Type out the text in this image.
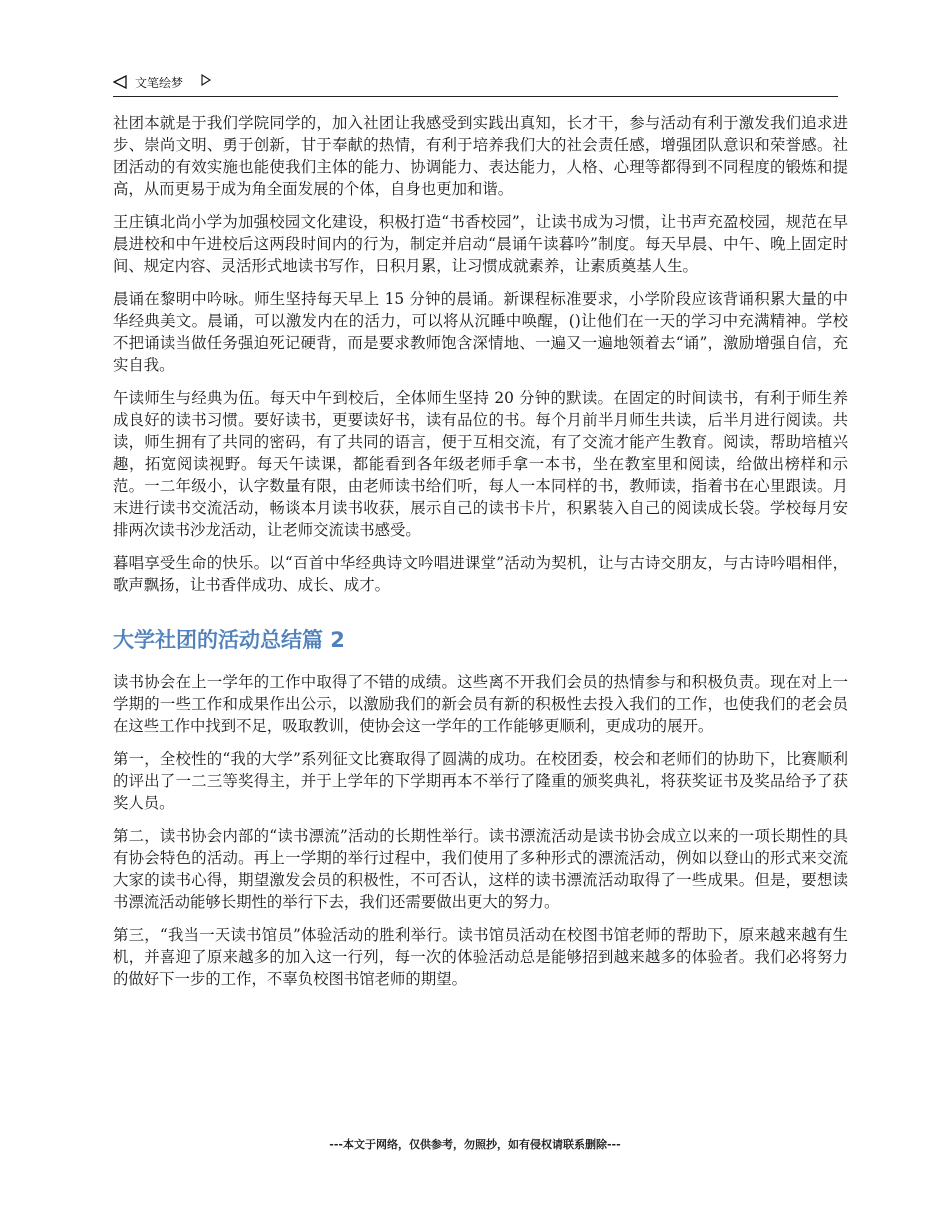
文笔绘梦

社团本就是于我们学院同学的，加入社团让我感受到实践出真知，长才干，参与活动有利于激发我们追求进步、崇尚文明、勇于创新，甘于奉献的热情，有利于培养我们大的社会责任感，增强团队意识和荣誉感。社团活动的有效实施也能使我们主体的能力、协调能力、表达能力，人格、心理等都得到不同程度的锻炼和提高，从而更易于成为角全面发展的个体，自身也更加和谐。

王庄镇北尚小学为加强校园文化建设，积极打造“书香校园”，让读书成为习惯，让书声充盈校园，规范在早晨进校和中午进校后这两段时间内的行为，制定并启动“晨诵午读暮吟”制度。每天早晨、中午、晚上固定时间、规定内容、灵活形式地读书写作，日积月累，让习惯成就素养，让素质奠基人生。

晨诵在黎明中吟咏。师生坚持每天早上 15 分钟的晨诵。新课程标准要求，小学阶段应该背诵积累大量的中华经典美文。晨诵，可以激发内在的活力，可以将从沉睡中唤醒，()让他们在一天的学习中充满精神。学校不把诵读当做任务强迫死记硬背，而是要求教师饱含深情地、一遍又一遍地领着去“诵”，激励增强自信，充实自我。

午读师生与经典为伍。每天中午到校后，全体师生坚持 20 分钟的默读。在固定的时间读书，有利于师生养成良好的读书习惯。要好读书，更要读好书，读有品位的书。每个月前半月师生共读，后半月进行阅读。共读，师生拥有了共同的密码，有了共同的语言，便于互相交流，有了交流才能产生教育。阅读，帮助培植兴趣，拓宽阅读视野。每天午读课，都能看到各年级老师手拿一本书，坐在教室里和阅读，给做出榜样和示范。一二年级小，认字数量有限，由老师读书给们听，每人一本同样的书，教师读，指着书在心里跟读。月末进行读书交流活动，畅谈本月读书收获，展示自己的读书卡片，积累装入自己的阅读成长袋。学校每月安排两次读书沙龙活动，让老师交流读书感受。

暮唱享受生命的快乐。以“百首中华经典诗文吟唱进课堂”活动为契机，让与古诗交朋友，与古诗吟唱相伴，歌声飘扬，让书香伴成功、成长、成才。

大学社团的活动总结篇 2

读书协会在上一学年的工作中取得了不错的成绩。这些离不开我们会员的热情参与和积极负责。现在对上一学期的一些工作和成果作出公示，以激励我们的新会员有新的积极性去投入我们的工作，也使我们的老会员在这些工作中找到不足，吸取教训，使协会这一学年的工作能够更顺利，更成功的展开。

第一，全校性的“我的大学”系列征文比赛取得了圆满的成功。在校团委，校会和老师们的协助下，比赛顺利的评出了一二三等奖得主，并于上学年的下学期再本不举行了隆重的颁奖典礼，将获奖证书及奖品给予了获奖人员。

第二，读书协会内部的“读书漂流”活动的长期性举行。读书漂流活动是读书协会成立以来的一项长期性的具有协会特色的活动。再上一学期的举行过程中，我们使用了多种形式的漂流活动，例如以登山的形式来交流大家的读书心得，期望激发会员的积极性，不可否认，这样的读书漂流活动取得了一些成果。但是，要想读书漂流活动能够长期性的举行下去，我们还需要做出更大的努力。

第三，“我当一天读书馆员”体验活动的胜利举行。读书馆员活动在校图书馆老师的帮助下，原来越来越有生机，并喜迎了原来越多的加入这一行列，每一次的体验活动总是能够招到越来越多的体验者。我们必将努力的做好下一步的工作，不辜负校图书馆老师的期望。

---本文于网络，仅供参考，勿照抄，如有侵权请联系删除---
